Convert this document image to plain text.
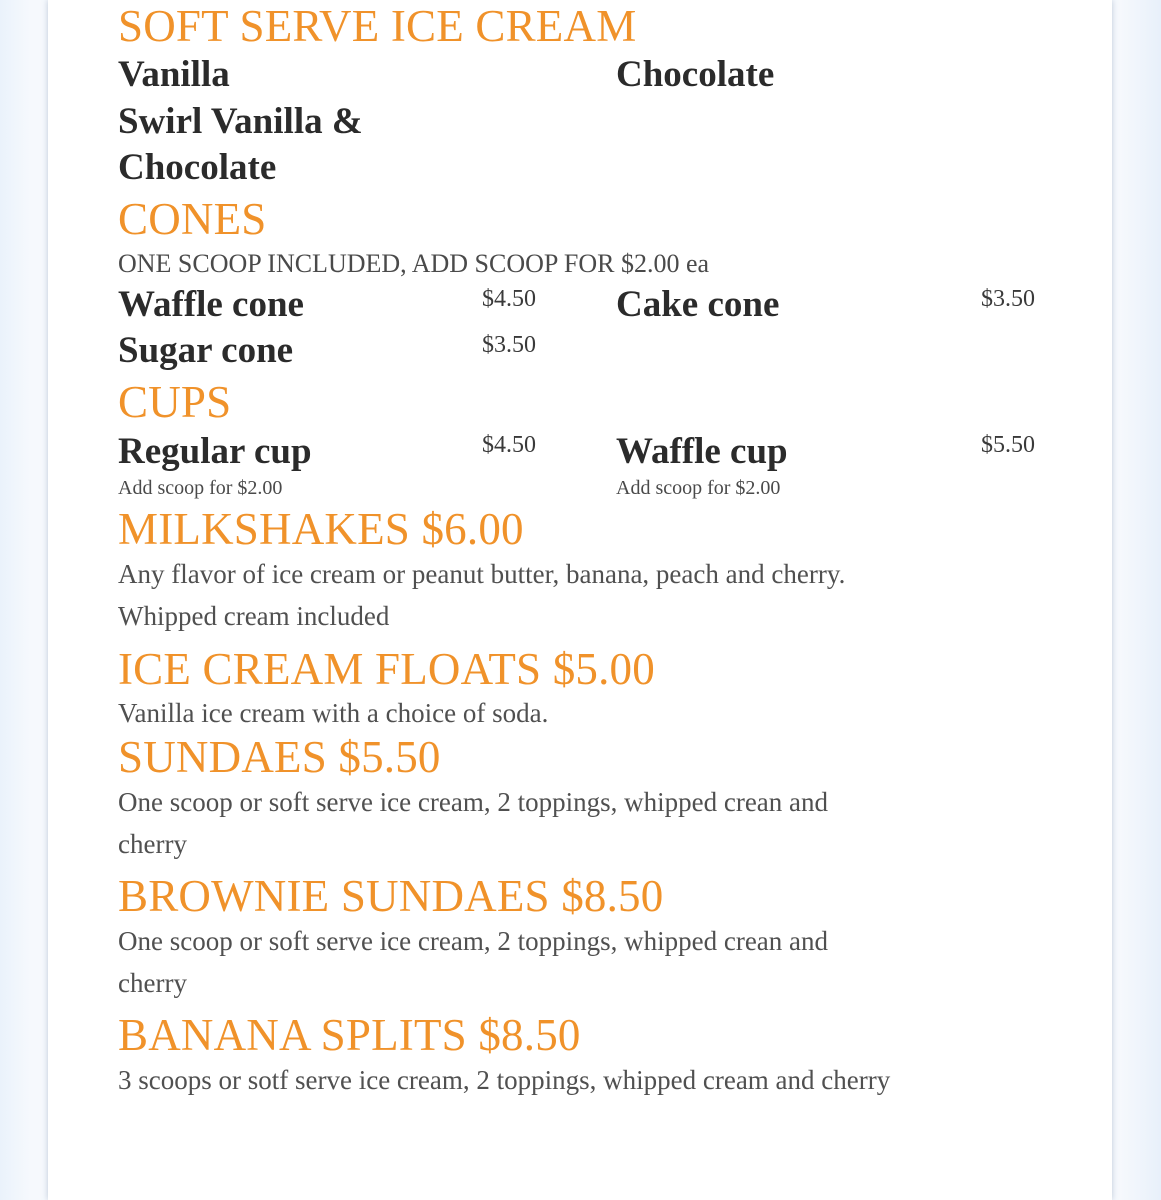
SOFT SERVE ICE CREAM
Vanilla	Chocolate
Swirl Vanilla &
Chocolate
CONES
ONE SCOOP INCLUDED, ADD SCOOP FOR $2.00 ea
Waffle cone	$4.50 Cake cone	$3.50
Sugar cone	$3.50
CUPS
Regular cup	$4.50
Add scoop for $2.00
Waffle cup	$5.50
Add scoop for $2.00
MILKSHAKES $6.00
Any flavor of ice cream or peanut butter, banana, peach and cherry. Whipped cream included
ICE CREAM FLOATS $5.00
Vanilla ice cream with a choice of soda.
SUNDAES $5.50
One scoop or soft serve ice cream, 2 toppings, whipped crean and cherry
BROWNIE SUNDAES $8.50
One scoop or soft serve ice cream, 2 toppings, whipped crean and cherry
BANANA SPLITS $8.50
3 scoops or sotf serve ice cream, 2 toppings, whipped cream and cherry
